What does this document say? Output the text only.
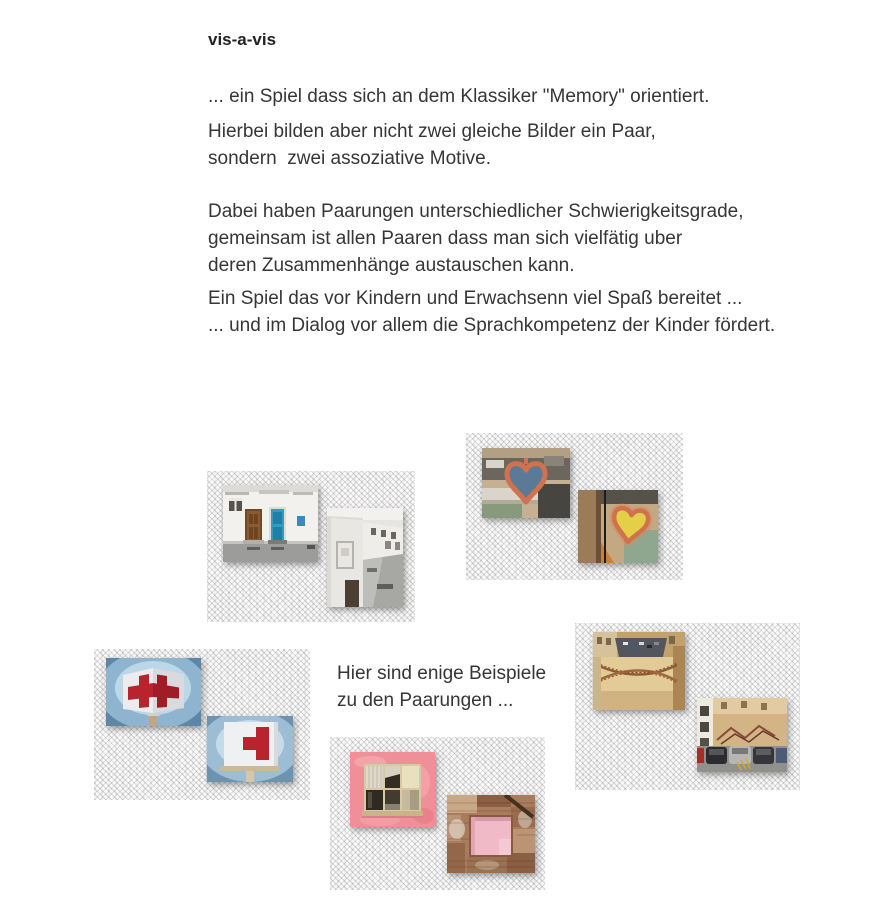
vis-a-vis
... ein Spiel dass sich an dem Klassiker "Memory" orientiert.
Hierbei bilden aber nicht zwei gleiche Bilder ein Paar,
sondern  zwei assoziative Motive.
Dabei haben Paarungen unterschiedlicher Schwierigkeitsgrade,
gemeinsam ist allen Paaren dass man sich vielfätig uber
deren Zusammenhänge austauschen kann.
Ein Spiel das vor Kindern und Erwachsenn viel Spaß bereitet ...
... und im Dialog vor allem die Sprachkompetenz der Kinder fördert.
Hier sind enige Beispiele
zu den Paarungen ...
